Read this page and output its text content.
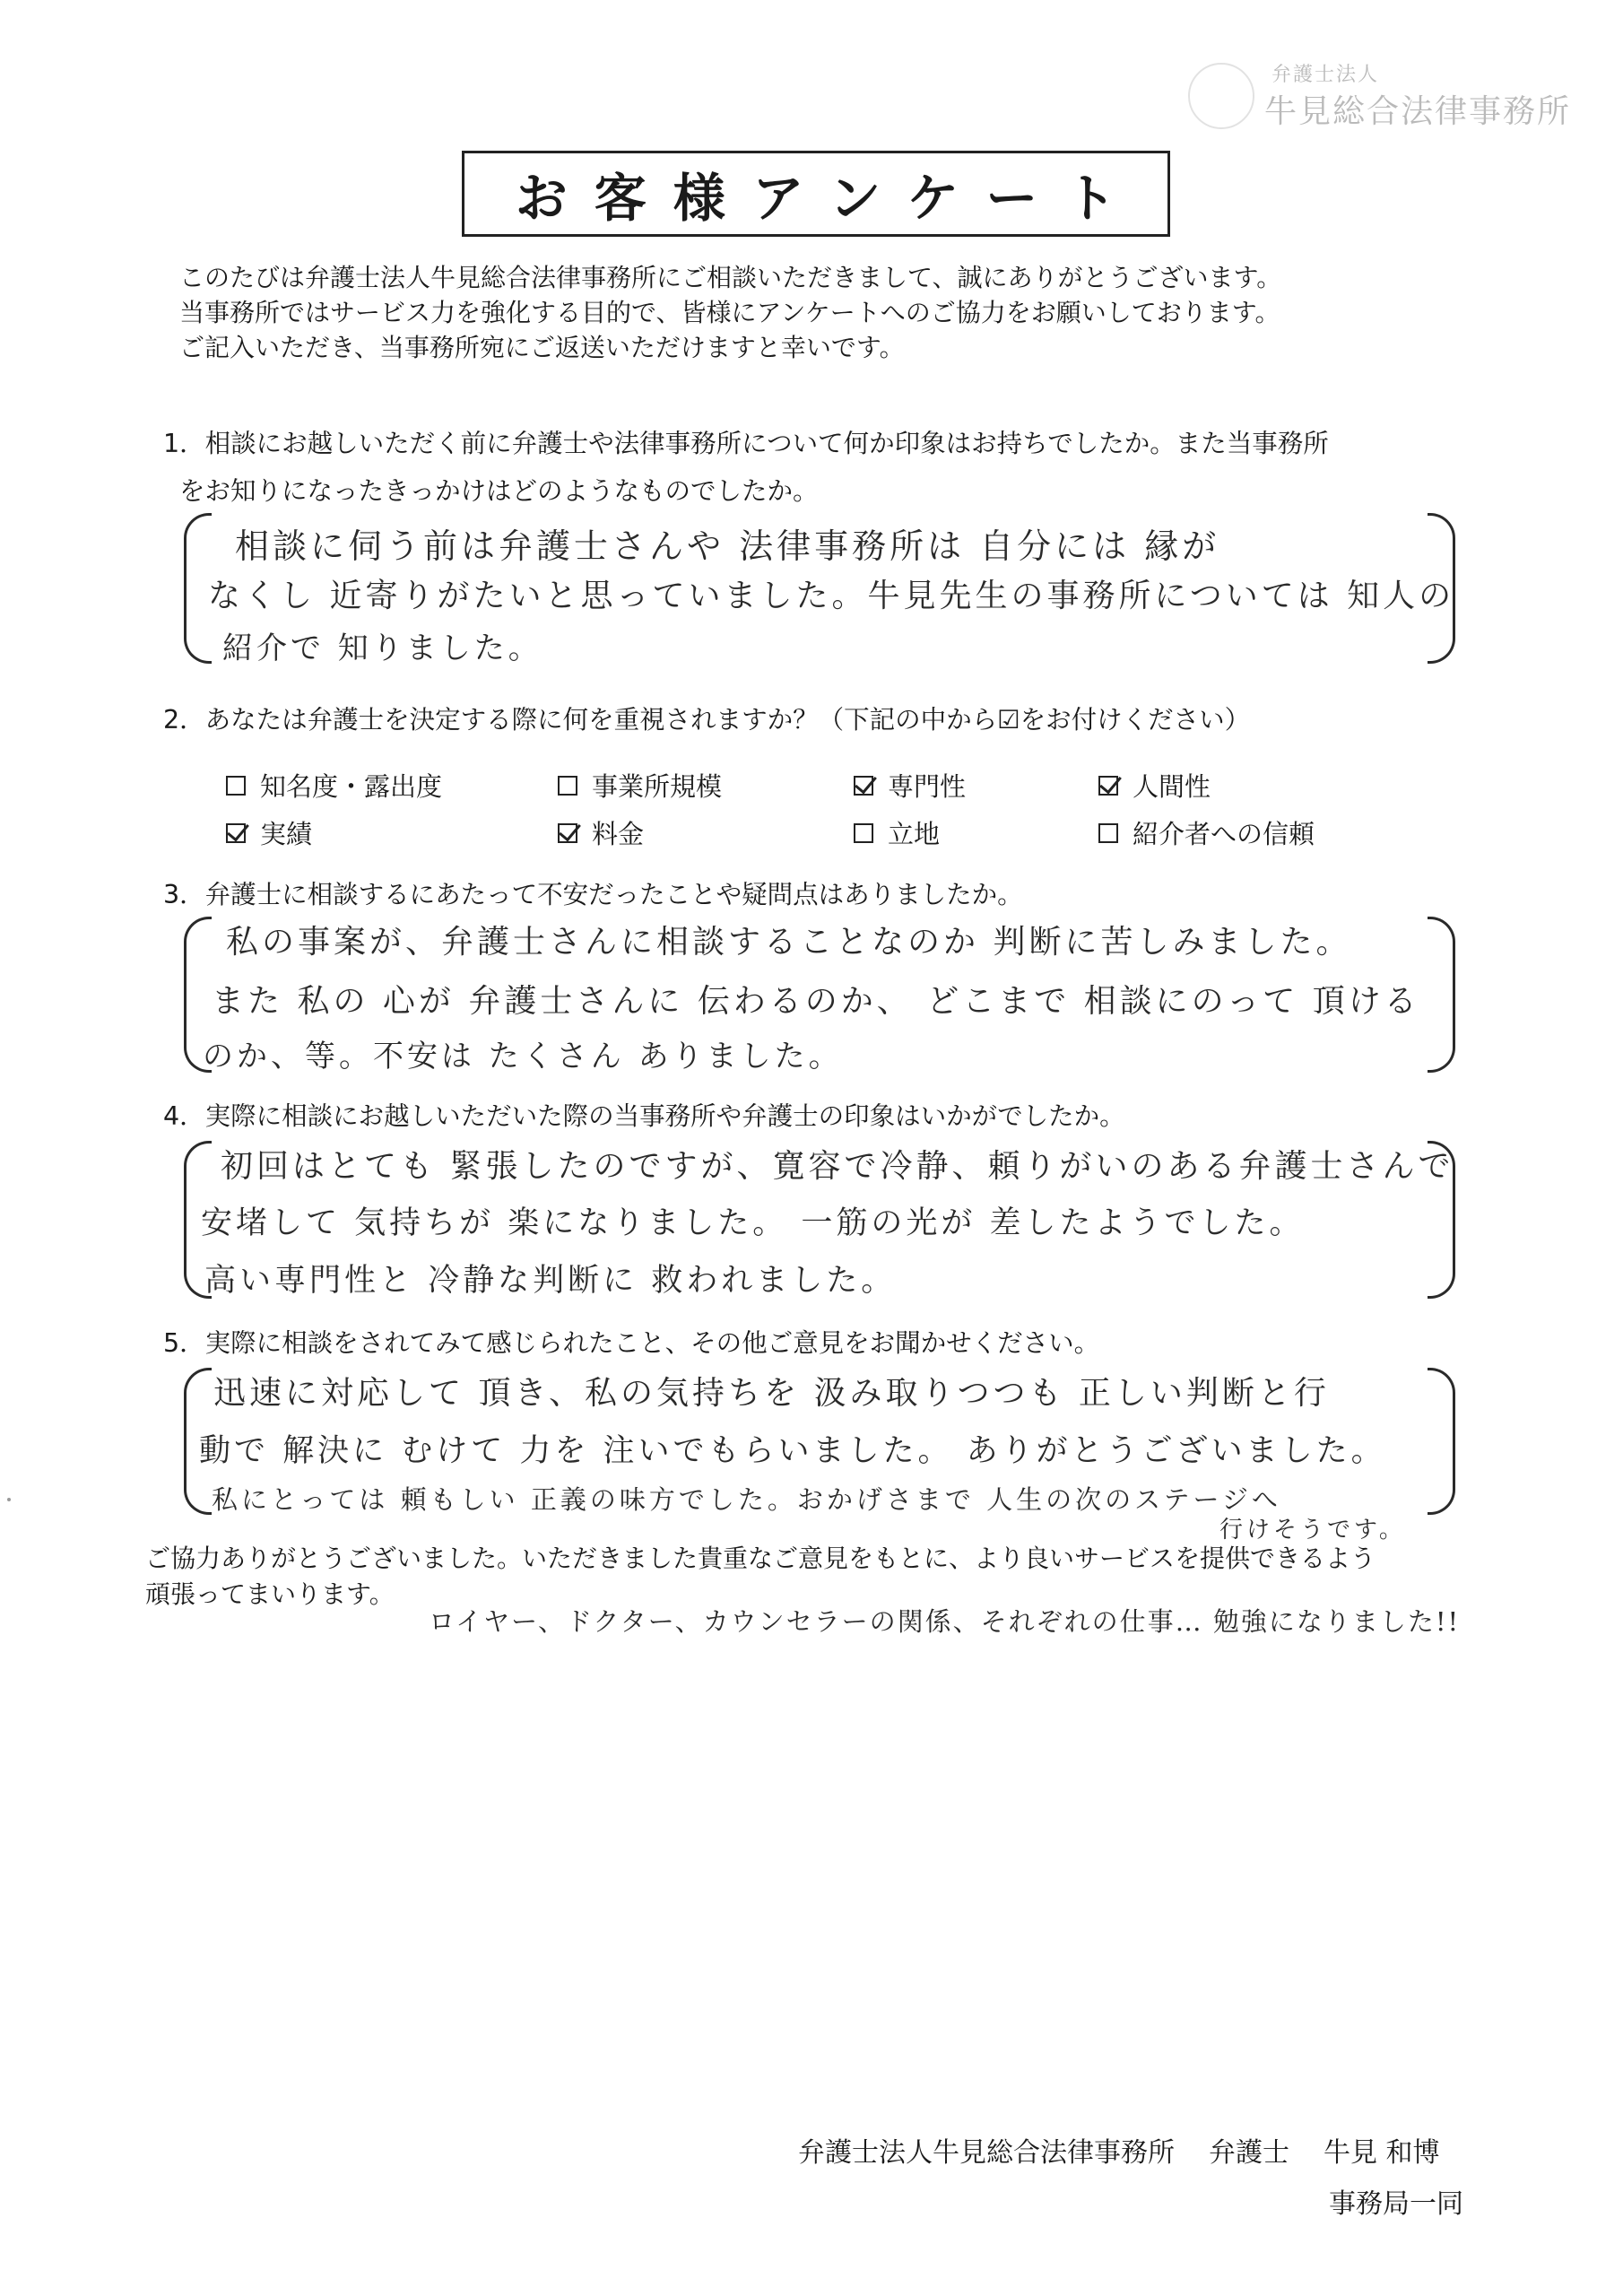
弁護士法人
牛見総合法律事務所
お客様アンケート
このたびは弁護士法人牛見総合法律事務所にご相談いただきまして、誠にありがとうございます。
当事務所ではサービス力を強化する目的で、皆様にアンケートへのご協力をお願いしております。
ご記入いただき、当事務所宛にご返送いただけますと幸いです。
1．相談にお越しいただく前に弁護士や法律事務所について何か印象はお持ちでしたか。また当事務所
をお知りになったきっかけはどのようなものでしたか。
相談に伺う前は弁護士さんや 法律事務所は 自分には 縁が
なくし 近寄りがたいと思っていました。牛見先生の事務所については 知人の
紹介で 知りました。
2．あなたは弁護士を決定する際に何を重視されますか？（下記の中から☑をお付けください）
知名度・露出度	事業所規模	専門性	人間性
実績	料金	立地	紹介者への信頼
3．弁護士に相談するにあたって不安だったことや疑問点はありましたか。
私の事案が、弁護士さんに相談することなのか 判断に苦しみました。
また 私の 心が 弁護士さんに 伝わるのか、 どこまで 相談にのって 頂ける
のか、等。不安は たくさん ありました。
4．実際に相談にお越しいただいた際の当事務所や弁護士の印象はいかがでしたか。
初回はとても 緊張したのですが、寛容で冷静、頼りがいのある弁護士さんで
安堵して 気持ちが 楽になりました。 一筋の光が 差したようでした。
高い専門性と 冷静な判断に 救われました。
5．実際に相談をされてみて感じられたこと、その他ご意見をお聞かせください。
迅速に対応して 頂き、私の気持ちを 汲み取りつつも 正しい判断と行
動で 解決に むけて 力を 注いでもらいました。 ありがとうございました。
私にとっては 頼もしい 正義の味方でした。おかげさまで 人生の次のステージへ
行けそうです。
ご協力ありがとうございました。いただきました貴重なご意見をもとに、より良いサービスを提供できるよう
頑張ってまいります。
ロイヤー、ドクター、カウンセラーの関係、それぞれの仕事… 勉強になりました!!
弁護士法人牛見総合法律事務所 弁護士 牛見 和博
事務局一同
